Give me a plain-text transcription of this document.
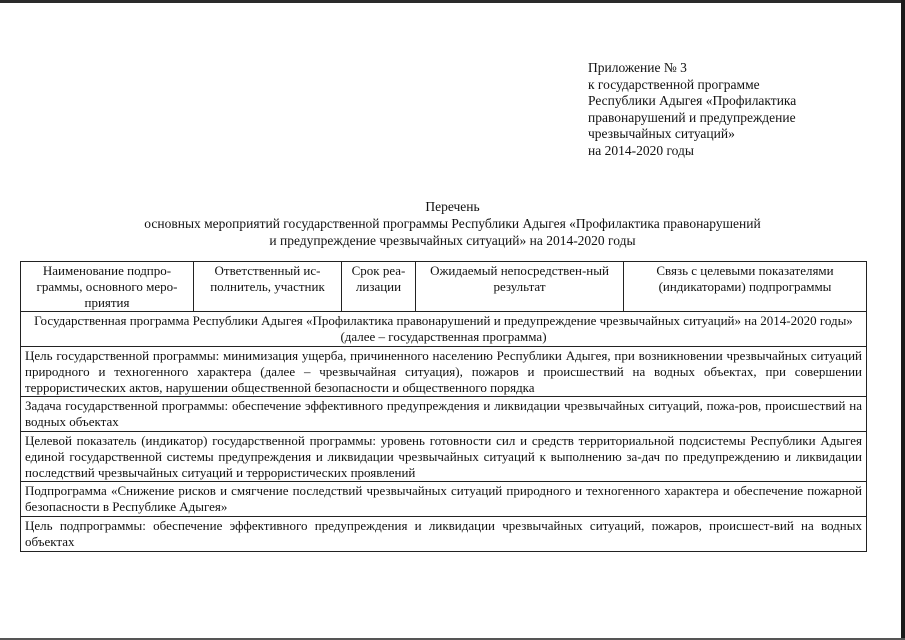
Приложение № 3
к государственной программе
Республики Адыгея «Профилактика
правонарушений и предупреждение
чрезвычайных ситуаций»
на 2014-2020 годы
Перечень
основных мероприятий государственной программы Республики Адыгея «Профилактика правонарушений
и предупреждение чрезвычайных ситуаций» на 2014-2020 годы
Наименование подпро-граммы, основного меро-приятия	Ответственный ис-полнитель, участник	Срок реа-лизации	Ожидаемый непосредствен-ный результат	Связь с целевыми показателями (индикаторами) подпрограммы
Государственная программа Республики Адыгея «Профилактика правонарушений и предупреждение чрезвычайных ситуаций» на 2014-2020 годы» (далее – государственная программа)
Цель государственной программы: минимизация ущерба, причиненного населению Республики Адыгея, при возникновении чрезвычайных ситуаций природного и техногенного характера (далее – чрезвычайная ситуация), пожаров и происшествий на водных объектах, при совершении террористических актов, нарушении общественной безопасности и общественного порядка
Задача государственной программы: обеспечение эффективного предупреждения и ликвидации чрезвычайных ситуаций, пожа-ров, происшествий на водных объектах
Целевой показатель (индикатор) государственной программы: уровень готовности сил и средств территориальной подсистемы Республики Адыгея единой государственной системы предупреждения и ликвидации чрезвычайных ситуаций к выполнению за-дач по предупреждению и ликвидации последствий чрезвычайных ситуаций и террористических проявлений
Подпрограмма «Снижение рисков и смягчение последствий чрезвычайных ситуаций природного и техногенного характера и обеспечение пожарной безопасности в Республике Адыгея»
Цель подпрограммы: обеспечение эффективного предупреждения и ликвидации чрезвычайных ситуаций, пожаров, происшест-вий на водных объектах
